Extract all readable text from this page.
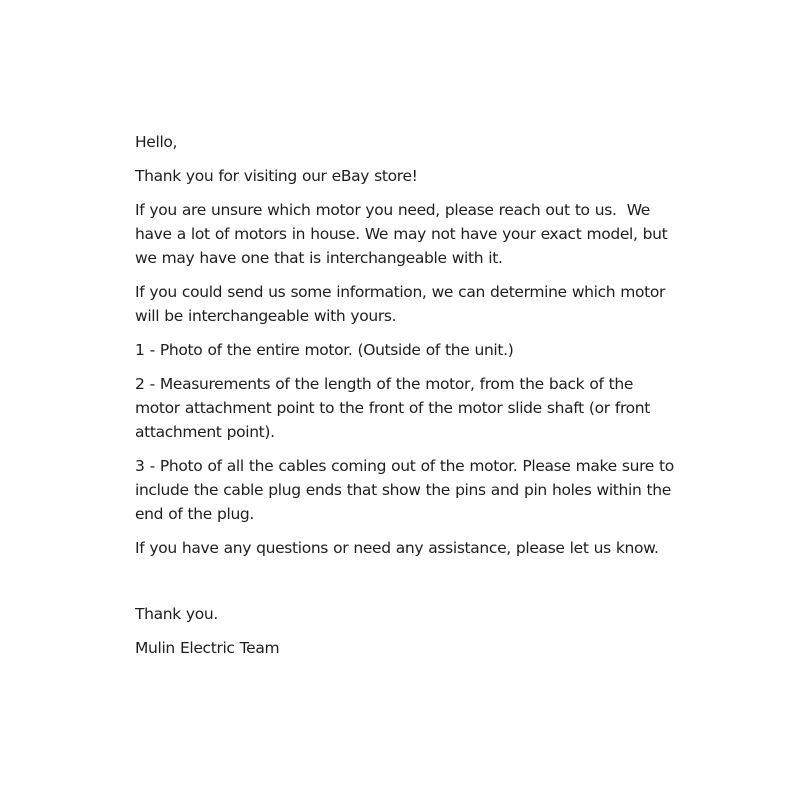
Hello,

Thank you for visiting our eBay store!

If you are unsure which motor you need, please reach out to us.  We have a lot of motors in house. We may not have your exact model, but we may have one that is interchangeable with it.

If you could send us some information, we can determine which motor will be interchangeable with yours.

1 - Photo of the entire motor. (Outside of the unit.)

2 - Measurements of the length of the motor, from the back of the motor attachment point to the front of the motor slide shaft (or front attachment point).

3 - Photo of all the cables coming out of the motor. Please make sure to include the cable plug ends that show the pins and pin holes within the end of the plug.

If you have any questions or need any assistance, please let us know.

Thank you.

Mulin Electric Team
